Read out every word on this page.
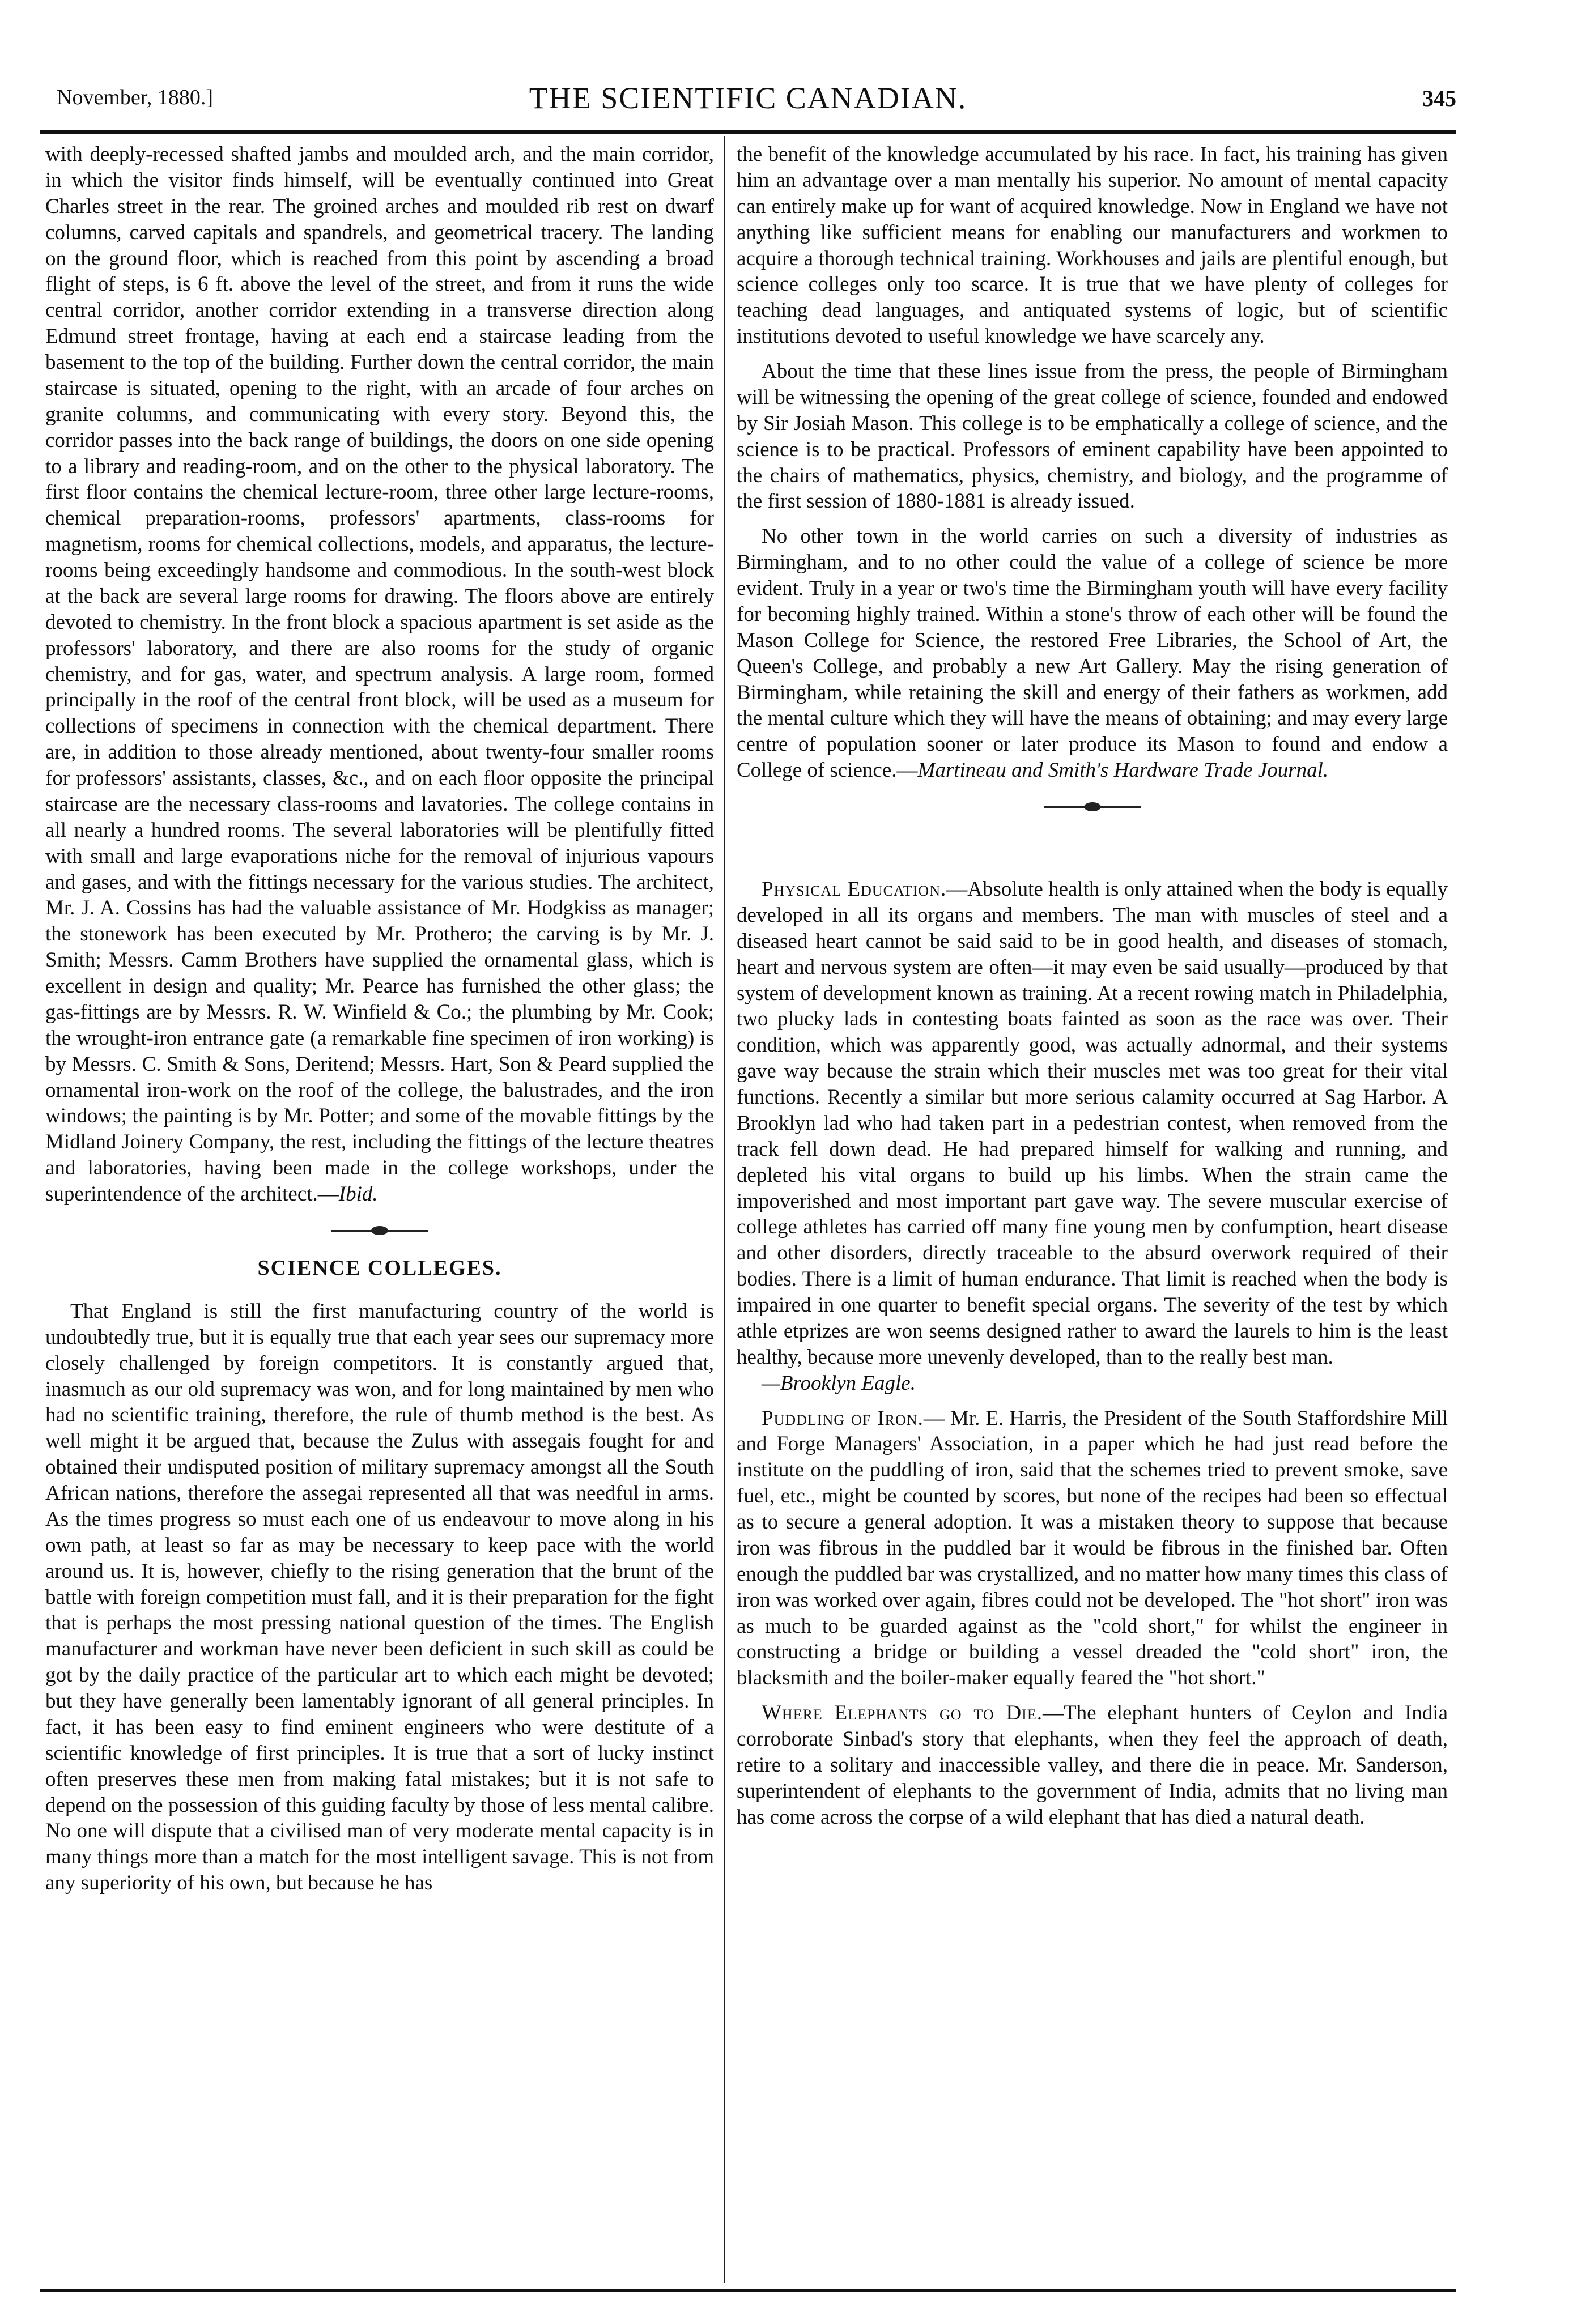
November, 1880.]	THE SCIENTIFIC CANADIAN.	345

with deeply-recessed shafted jambs and moulded arch, and the main corridor, in which the visitor finds himself, will be eventually continued into Great Charles street in the rear. The groined arches and moulded rib rest on dwarf columns, carved capitals and spandrels, and geometrical tracery. The landing on the ground floor, which is reached from this point by ascending a broad flight of steps, is 6 ft. above the level of the street, and from it runs the wide central corridor, another corridor extending in a transverse direction along Edmund street frontage, having at each end a staircase leading from the basement to the top of the building. Further down the central corridor, the main staircase is situated, opening to the right, with an arcade of four arches on granite columns, and communicating with every story. Beyond this, the corridor passes into the back range of buildings, the doors on one side opening to a library and reading-room, and on the other to the physical laboratory. The first floor contains the chemical lecture-room, three other large lecture-rooms, chemical preparation-rooms, professors' apartments, class-rooms for magnetism, rooms for chemical collections, models, and apparatus, the lecture-rooms being exceedingly handsome and commodious. In the south-west block at the back are several large rooms for drawing. The floors above are entirely devoted to chemistry. In the front block a spacious apartment is set aside as the professors' laboratory, and there are also rooms for the study of organic chemistry, and for gas, water, and spectrum analysis. A large room, formed principally in the roof of the central front block, will be used as a museum for collections of specimens in connection with the chemical department. There are, in addition to those already mentioned, about twenty-four smaller rooms for professors' assistants, classes, &c., and on each floor opposite the principal staircase are the necessary class-rooms and lavatories. The college contains in all nearly a hundred rooms. The several laboratories will be plentifully fitted with small and large evaporations niche for the removal of injurious vapours and gases, and with the fittings necessary for the various studies. The architect, Mr. J. A. Cossins has had the valuable assistance of Mr. Hodgkiss as manager; the stonework has been executed by Mr. Prothero; the carving is by Mr. J. Smith; Messrs. Camm Brothers have supplied the ornamental glass, which is excellent in design and quality; Mr. Pearce has furnished the other glass; the gas-fittings are by Messrs. R. W. Winfield & Co.; the plumbing by Mr. Cook; the wrought-iron entrance gate (a remarkable fine specimen of iron working) is by Messrs. C. Smith & Sons, Deritend; Messrs. Hart, Son & Peard supplied the ornamental iron-work on the roof of the college, the balustrades, and the iron windows; the painting is by Mr. Potter; and some of the movable fittings by the Midland Joinery Company, the rest, including the fittings of the lecture theatres and laboratories, having been made in the college workshops, under the superintendence of the architect.—Ibid.

SCIENCE COLLEGES.

That England is still the first manufacturing country of the world is undoubtedly true, but it is equally true that each year sees our supremacy more closely challenged by foreign competitors. It is constantly argued that, inasmuch as our old supremacy was won, and for long maintained by men who had no scientific training, therefore, the rule of thumb method is the best. As well might it be argued that, because the Zulus with assegais fought for and obtained their undisputed position of military supremacy amongst all the South African nations, therefore the assegai represented all that was needful in arms. As the times progress so must each one of us endeavour to move along in his own path, at least so far as may be necessary to keep pace with the world around us. It is, however, chiefly to the rising generation that the brunt of the battle with foreign competition must fall, and it is their preparation for the fight that is perhaps the most pressing national question of the times. The English manufacturer and workman have never been deficient in such skill as could be got by the daily practice of the particular art to which each might be devoted; but they have generally been lamentably ignorant of all general principles. In fact, it has been easy to find eminent engineers who were destitute of a scientific knowledge of first principles. It is true that a sort of lucky instinct often preserves these men from making fatal mistakes; but it is not safe to depend on the possession of this guiding faculty by those of less mental calibre. No one will dispute that a civilised man of very moderate mental capacity is in many things more than a match for the most intelligent savage. This is not from any superiority of his own, but because he has

the benefit of the knowledge accumulated by his race. In fact, his training has given him an advantage over a man mentally his superior. No amount of mental capacity can entirely make up for want of acquired knowledge. Now in England we have not anything like sufficient means for enabling our manufacturers and workmen to acquire a thorough technical training. Workhouses and jails are plentiful enough, but science colleges only too scarce. It is true that we have plenty of colleges for teaching dead languages, and antiquated systems of logic, but of scientific institutions devoted to useful knowledge we have scarcely any.

About the time that these lines issue from the press, the people of Birmingham will be witnessing the opening of the great college of science, founded and endowed by Sir Josiah Mason. This college is to be emphatically a college of science, and the science is to be practical. Professors of eminent capability have been appointed to the chairs of mathematics, physics, chemistry, and biology, and the programme of the first session of 1880-1881 is already issued.

No other town in the world carries on such a diversity of industries as Birmingham, and to no other could the value of a college of science be more evident. Truly in a year or two's time the Birmingham youth will have every facility for becoming highly trained. Within a stone's throw of each other will be found the Mason College for Science, the restored Free Libraries, the School of Art, the Queen's College, and probably a new Art Gallery. May the rising generation of Birmingham, while retaining the skill and energy of their fathers as workmen, add the mental culture which they will have the means of obtaining; and may every large centre of population sooner or later produce its Mason to found and endow a College of science.—Martineau and Smith's Hardware Trade Journal.

Physical Education.—Absolute health is only attained when the body is equally developed in all its organs and members. The man with muscles of steel and a diseased heart cannot be said said to be in good health, and diseases of stomach, heart and nervous system are often—it may even be said usually—produced by that system of development known as training. At a recent rowing match in Philadelphia, two plucky lads in contesting boats fainted as soon as the race was over. Their condition, which was apparently good, was actually adnormal, and their systems gave way because the strain which their muscles met was too great for their vital functions. Recently a similar but more serious calamity occurred at Sag Harbor. A Brooklyn lad who had taken part in a pedestrian contest, when removed from the track fell down dead. He had prepared himself for walking and running, and depleted his vital organs to build up his limbs. When the strain came the impoverished and most important part gave way. The severe muscular exercise of college athletes has carried off many fine young men by confumption, heart disease and other disorders, directly traceable to the absurd overwork required of their bodies. There is a limit of human endurance. That limit is reached when the body is impaired in one quarter to benefit special organs. The severity of the test by which athle etprizes are won seems designed rather to award the laurels to him is the least healthy, because more unevenly developed, than to the really best man.

—Brooklyn Eagle.

Puddling of Iron.— Mr. E. Harris, the President of the South Staffordshire Mill and Forge Managers' Association, in a paper which he had just read before the institute on the puddling of iron, said that the schemes tried to prevent smoke, save fuel, etc., might be counted by scores, but none of the recipes had been so effectual as to secure a general adoption. It was a mistaken theory to suppose that because iron was fibrous in the puddled bar it would be fibrous in the finished bar. Often enough the puddled bar was crystallized, and no matter how many times this class of iron was worked over again, fibres could not be developed. The "hot short" iron was as much to be guarded against as the "cold short," for whilst the engineer in constructing a bridge or building a vessel dreaded the "cold short" iron, the blacksmith and the boiler-maker equally feared the "hot short."

Where Elephants go to Die.—The elephant hunters of Ceylon and India corroborate Sinbad's story that elephants, when they feel the approach of death, retire to a solitary and inaccessible valley, and there die in peace. Mr. Sanderson, superintendent of elephants to the government of India, admits that no living man has come across the corpse of a wild elephant that has died a natural death.
